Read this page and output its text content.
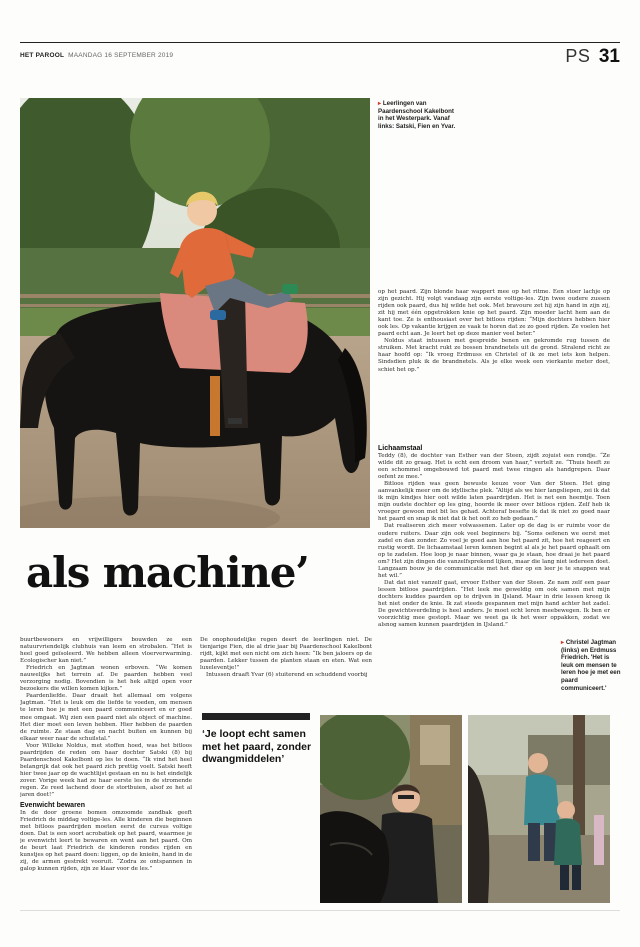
HET PAROOL MAANDAG 16 SEPTEMBER 2019	PS 31
▸ Leerlingen van Paardenschool Kakelbont in het Westerpark. Vanaf links: Satski, Fien en Yvar.

op het paard. Zijn blonde haar wappert mee op het ritme. Een stoer lachje op zijn gezicht. Hij volgt vandaag zijn eerste voltige-les. Zijn twee oudere zussen rijden ook paard, dus hij wilde het ook. Met bravoure zet hij zijn hand in zijn zij, zit hij met één opgetrokken knie op het paard. Zijn moeder lacht hem aan de kant toe. Ze is enthousiast over het bitloos rijden: “Mijn dochters hebben hier ook les. Op vakantie krijgen ze vaak te horen dat ze zo goed rijden. Ze voelen het paard echt aan. Je leert het op deze manier veel beter.”

Noldus staat intussen met gespreide benen en gekromde rug tussen de struiken. Met kracht rukt ze bossen brandnetels uit de grond. Stralend richt ze haar hoofd op: “Ik vroeg Erdmuss en Christel of ik ze met iets kon helpen. Sindsdien pluk ik de brandnetels. Als je elke week een vierkante meter doet, schiet het op.”

Lichaamstaal

Teddy (8), de dochter van Esther van der Steen, zijdt zojuist een rondje. “Ze wilde dit zo graag. Het is echt een droom van haar,” vertelt ze. “Thuis heeft ze een schommel omgebouwd tot paard met twee ringen als handgrepen. Daar oefent ze mee.”

Bitloos rijden was geen bewuste keuze voor Van der Steen. Het ging aanvankelijk meer om de idyllische plek. “Altijd als we hier langsliepen, zei ik dat ik mijn kindjes hier ooit wilde laten paardrijden. Het is net een heemtje. Toen mijn oudste dochter op les ging, hoorde ik meer over bitloos rijden. Zelf heb ik vroeger gewoon met bit les gehad. Achteraf besefte ik dat ik niet zo goed naar het paard en snap ik niet dat ik het ooit zo heb gedaan.”

Dat realiseren zich meer volwassenen. Later op de dag is er ruimte voor de oudere ruiters. Daar zijn ook veel beginners bij. “Soms oefenen we eerst met zadel en dan zonder. Zo voel je goed aan hoe het paard zit, hoe het reageert en rustig wordt. De lichaamstaal leren kennen begint al als je het paard ophaalt om op te zadelen. Hoe loop je naar binnen, waar ga je staan, hoe draai je het paard om? Het zijn dingen die vanzelfsprekend lijken, maar die lang niet iedereen doet. Langzaam bouw je de communicatie met het dier op en leer je te snappen wat het wil.”

Dat dat niet vanzelf gaat, ervoer Esther van der Steen. Ze nam zelf een paar lessen bitloos paardrijden. “Het leek me geweldig om ook samen met mijn dochters kuddes paarden op te drijven in IJsland. Maar in drie lessen kreeg ik het niet onder de knie. Ik zat steeds gespannen met mijn hand achter het zadel. De gewichtsverdeling is heel anders. Je moet echt leren meebewegen. Ik ben er voorzichtig mee gestopt. Maar we weet ga ik het weer oppakken, zodat we alsnog samen kunnen paardrijden in IJsland.”

als machine’

buurtbewoners en vrijwilligers bouwden ze een natuurvriendelijk clubhuis van leem en strobalen. “Het is heel goed geïsoleerd. We hebben alleen vloerverwarming. Ecologischer kan niet.”

Friedrich en Jagtman wonen erboven. “We komen nauwelijks het terrein af. De paarden hebben veel verzorging nodig. Bovendien is het hek altijd open voor bezoekers die willen komen kijken.”

Paardenliefde. Daar draait het allemaal om volgens Jagtman. “Het is leuk om die liefde te voeden, om mensen te leren hoe je met een paard communiceert en er goed mee omgaat. Wij zien een paard niet als object of machine. Het dier moet een leven hebben. Hier hebben de paarden de ruimte. Ze staan dag en nacht buiten en kunnen bij elkaar weer naar de schuilstal.”

Voor Willeke Noldus, met stoffen hoed, was het bitloos paardrijden de reden om haar dochter Satski (8) bij Paardenschool Kakelbont op les te doen. “Ik vind het heel belangrijk dat ook het paard zich prettig voelt. Satski heeft hier twee jaar op de wachtlijst gestaan en nu is het eindelijk zover. Vorige week had ze haar eerste les in de stromende regen. Ze reed lachend door de stortbuien, alsof ze het al jaren doet!”

Evenwicht bewaren

In de door groene bomen omzoomde zandbak geeft Friedrich de middag voltige-les. Alle kinderen die beginnen met bitloos paardrijden moeten eerst de cursus voltige doen. Dat is een soort acrobatiek op het paard, waarmee je je evenwicht leert te bewaren en went aan het paard. Om de beurt laat Friedrich de kinderen rondes rijden en kunstjes op het paard doen: liggen, op de knieën, hand in de zij, de armen gestrekt vooruit. “Zodra ze ontspannen in galop kunnen rijden, zijn ze klaar voor de les.”

De onophoudelijke regen deert de leerlingen niet. De tienjarige Fien, die al drie jaar bij Paardenschool Kakelbont rijdt, kijkt met een nicht om zich heen: “Ik ben jaloers op de paarden. Lekker tussen de planten staan en eten. Wat een luxeleventje!”

Intussen draaft Yvar (6) stuiterend en schuddend voorbij

‘Je loopt echt samen met het paard, zonder dwangmiddelen’
▸ Christel Jagtman (links) en Erdmuss Friedrich. 'Het is leuk om mensen te leren hoe je met een paard communiceert.'
